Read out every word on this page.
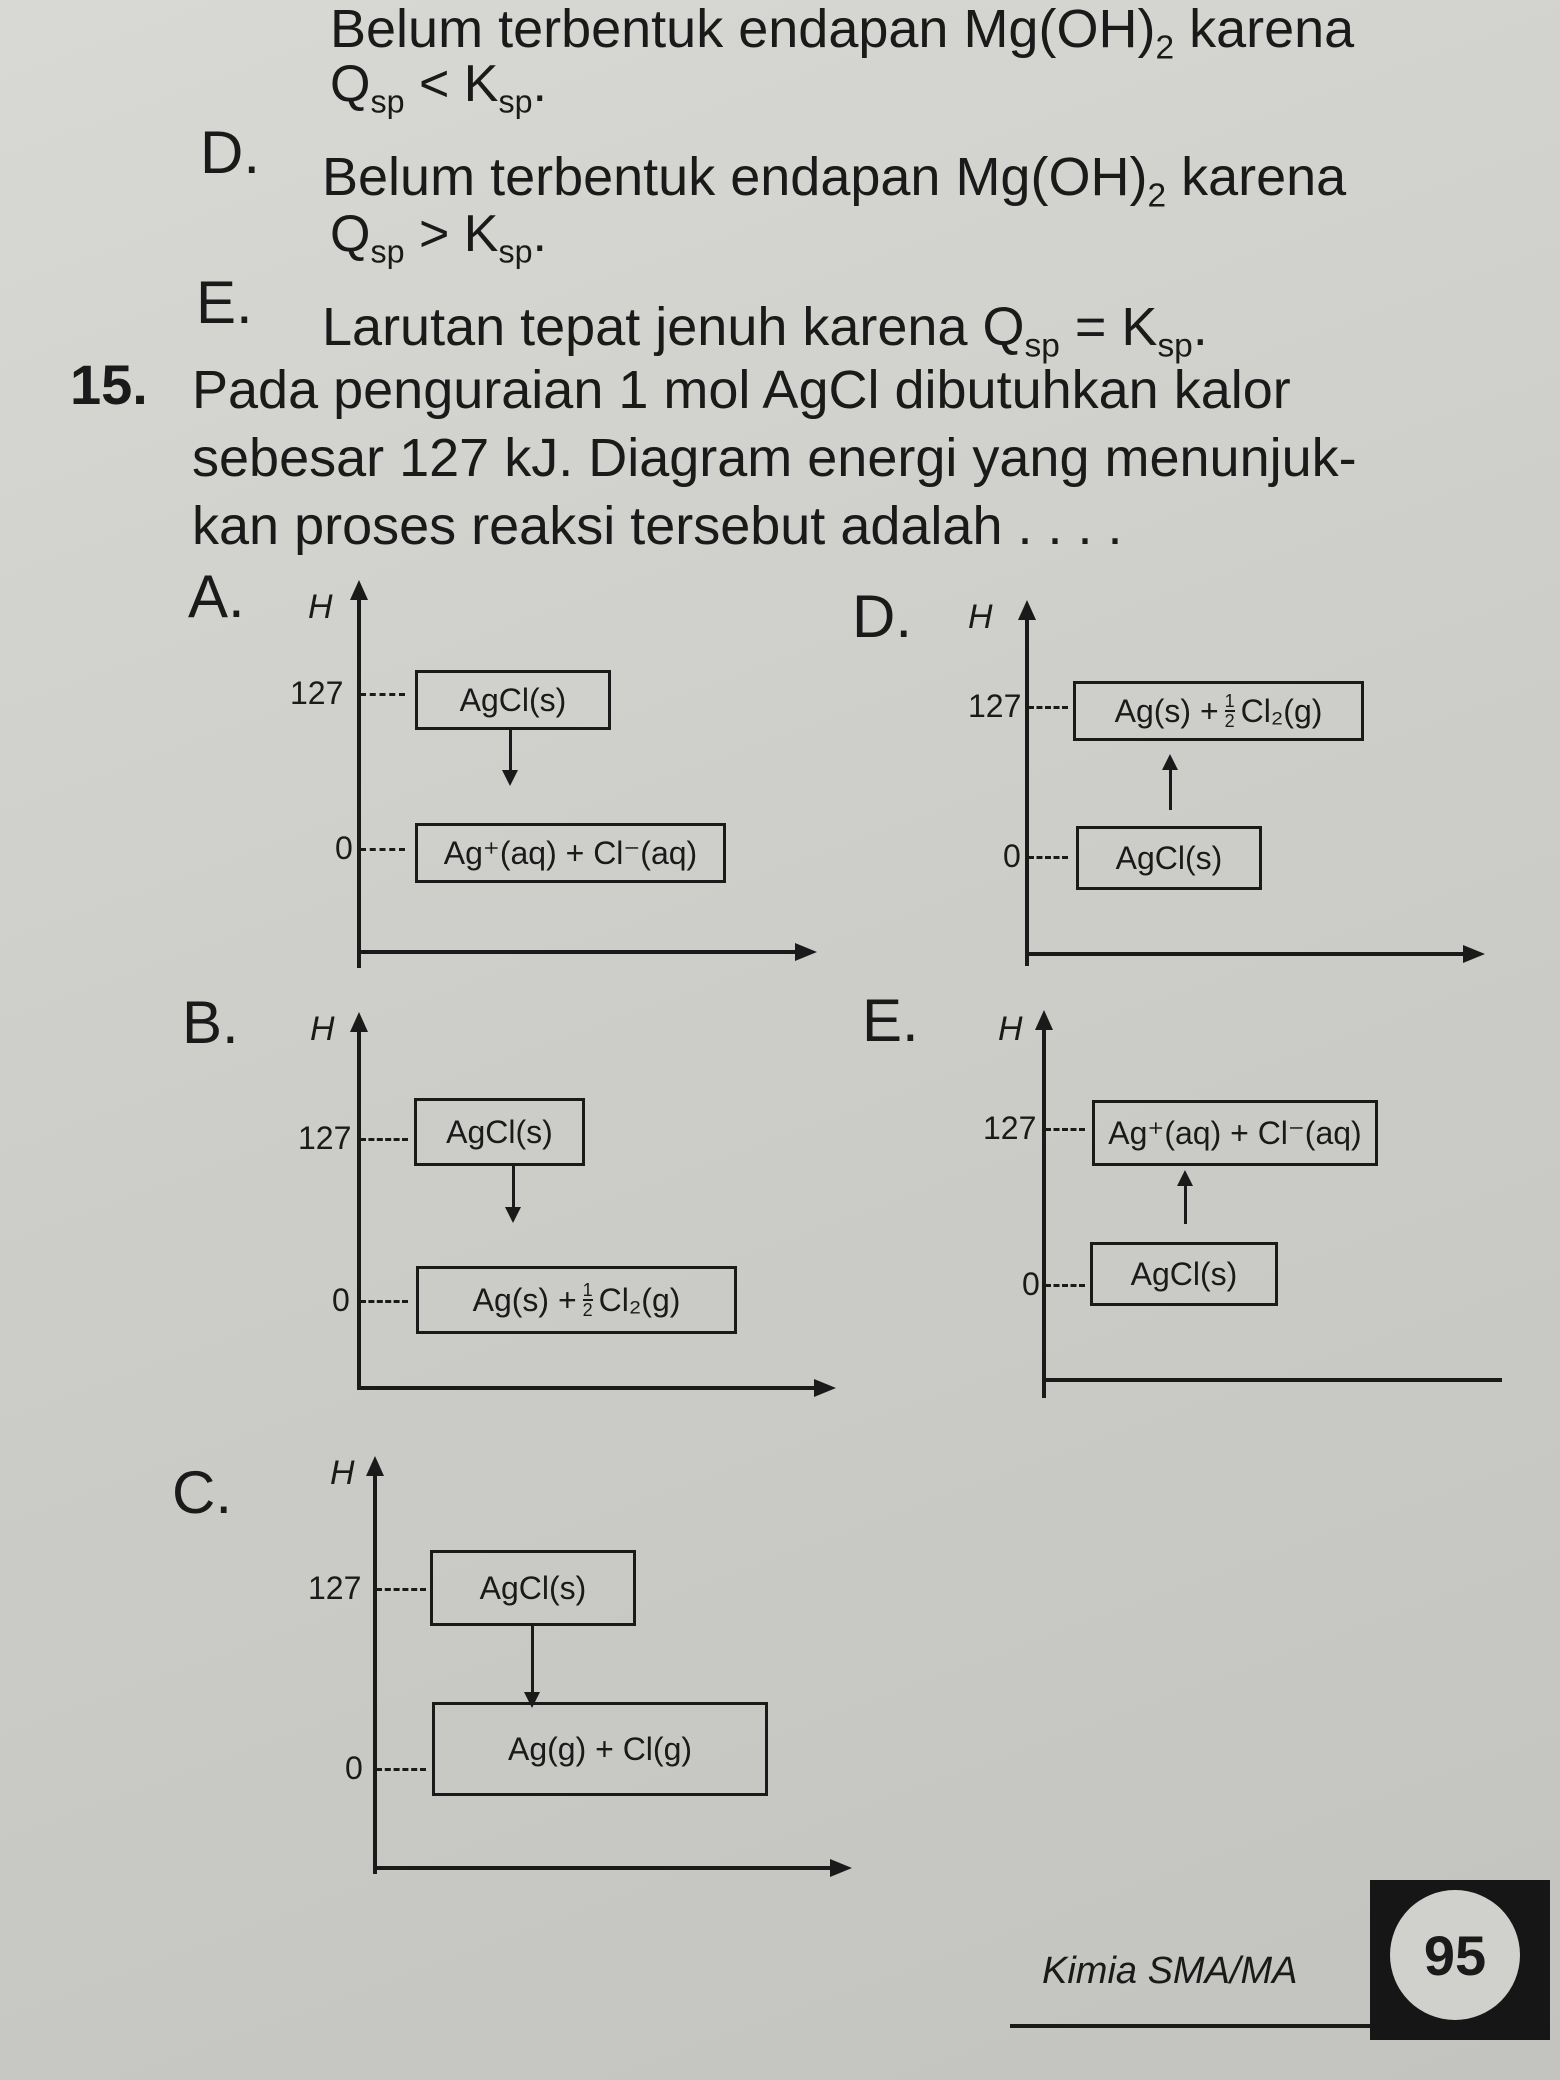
Belum terbentuk endapan $Mg(OH)_2$ karena
$Q_{sp} < K_{sp}$.
D. Belum terbentuk endapan $Mg(OH)_2$ karena
$Q_{sp} > K_{sp}$.
E. Larutan tepat jenuh karena $Q_{sp} = K_{sp}$.
15. Pada penguraian 1 mol AgCl dibutuhkan kalor sebesar 127 kJ. Diagram energi yang menunjuk-kan proses reaksi tersebut adalah . . . .
A. H
127	AgCl(s)
0	Ag⁺(aq) + Cl⁻(aq)
D. H
127	$Ag(s) + \frac{1}{2} Cl_2(g)$
0	AgCl(s)
B. H
127	AgCl(s)
0	$Ag(s) + \frac{1}{2} Cl_2(g)$
E. H
127	Ag⁺(aq) + Cl⁻(aq)
0	AgCl(s)
C.	H
127	AgCl(s)
0
Ag(g) + Cl(g)
Kimia SMA/MA	95
